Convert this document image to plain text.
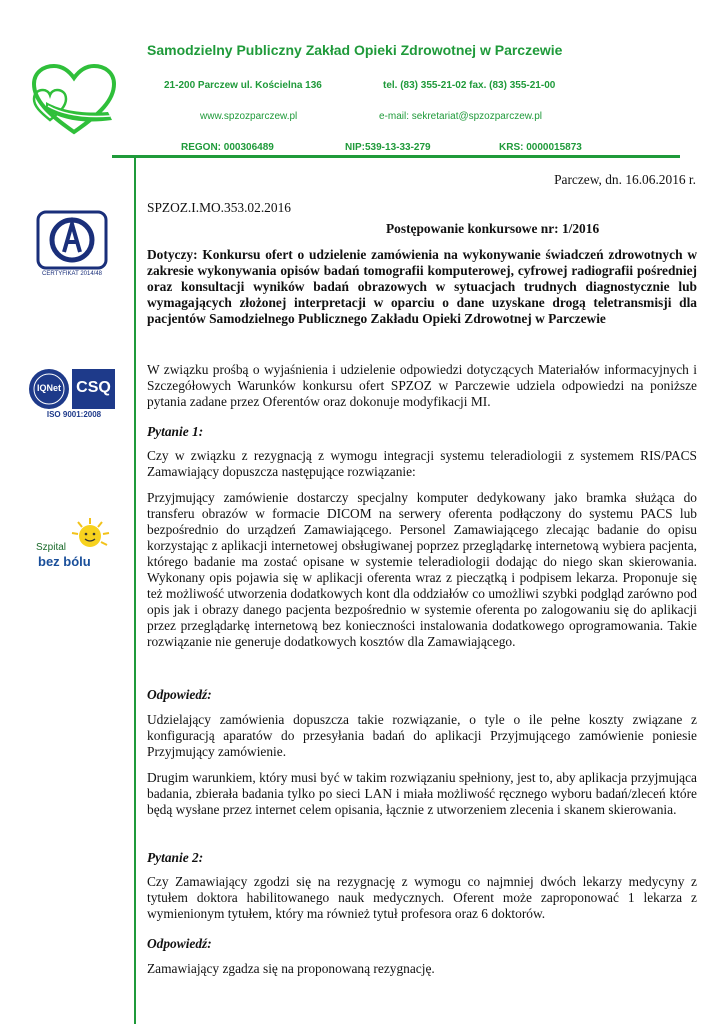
Samodzielny Publiczny Zakład Opieki Zdrowotnej w Parczewie
21-200 Parczew ul. Kościelna 136	tel. (83) 355-21-02 fax. (83) 355-21-00
www.spzozparczew.pl	e-mail: sekretariat@spzozparczew.pl
REGON: 000306489	NIP:539-13-33-279	KRS: 0000015873
CERTYFIKAT 2014/48
IQNet CSQ
ISO 9001:2008
Szpital
bez bólu
Parczew, dn. 16.06.2016 r.
SPZOZ.I.MO.353.02.2016
Postępowanie konkursowe nr: 1/2016

Dotyczy: Konkursu ofert o udzielenie zamówienia na wykonywanie świadczeń zdrowotnych w zakresie wykonywania opisów badań tomografii komputerowej, cyfrowej radiografii pośredniej oraz konsultacji wyników badań obrazowych w sytuacjach trudnych diagnostycznie lub wymagających złożonej interpretacji w oparciu o dane uzyskane drogą teletransmisji dla pacjentów Samodzielnego Publicznego Zakładu Opieki Zdrowotnej w Parczewie

W związku prośbą o wyjaśnienia i udzielenie odpowiedzi dotyczących Materiałów informacyjnych i Szczegółowych Warunków konkursu ofert SPZOZ w Parczewie udziela odpowiedzi na poniższe pytania zadane przez Oferentów oraz dokonuje modyfikacji MI.

Pytanie 1:

Czy w związku z rezygnacją z wymogu integracji systemu teleradiologii z systemem RIS/PACS Zamawiający dopuszcza następujące rozwiązanie:

Przyjmujący zamówienie dostarczy specjalny komputer dedykowany jako bramka służąca do transferu obrazów w formacie DICOM na serwery oferenta podłączony do systemu PACS lub bezpośrednio do urządzeń Zamawiającego. Personel Zamawiającego zlecając badanie do opisu korzystając z aplikacji internetowej obsługiwanej poprzez przeglądarkę internetową wybiera pacjenta, którego badanie ma zostać opisane w systemie teleradiologii dodając do niego skan skierowania. Wykonany opis pojawia się w aplikacji oferenta wraz z pieczątką i podpisem lekarza. Proponuje się też możliwość utworzenia dodatkowych kont dla oddziałów co umożliwi szybki podgląd zarówno pod opis jak i obrazy danego pacjenta bezpośrednio w systemie oferenta po zalogowaniu się do aplikacji przez przeglądarkę internetową bez konieczności instalowania dodatkowego oprogramowania. Takie rozwiązanie nie generuje dodatkowych kosztów dla Zamawiającego.

Odpowiedź:

Udzielający zamówienia dopuszcza takie rozwiązanie, o tyle o ile pełne koszty związane z konfiguracją aparatów do przesyłania badań do aplikacji Przyjmującego zamówienie poniesie Przyjmujący zamówienie.

Drugim warunkiem, który musi być w takim rozwiązaniu spełniony, jest to, aby aplikacja przyjmująca badania, zbierała badania tylko po sieci LAN i miała możliwość ręcznego wyboru badań/zleceń które będą wysłane przez internet celem opisania, łącznie z utworzeniem zlecenia i skanem skierowania.

Pytanie 2:

Czy Zamawiający zgodzi się na rezygnację z wymogu co najmniej dwóch lekarzy medycyny z tytułem doktora habilitowanego nauk medycznych. Oferent może zaproponować 1 lekarza z wymienionym tytułem, który ma również tytuł profesora oraz 6 doktorów.

Odpowiedź:

Zamawiający zgadza się na proponowaną rezygnację.
